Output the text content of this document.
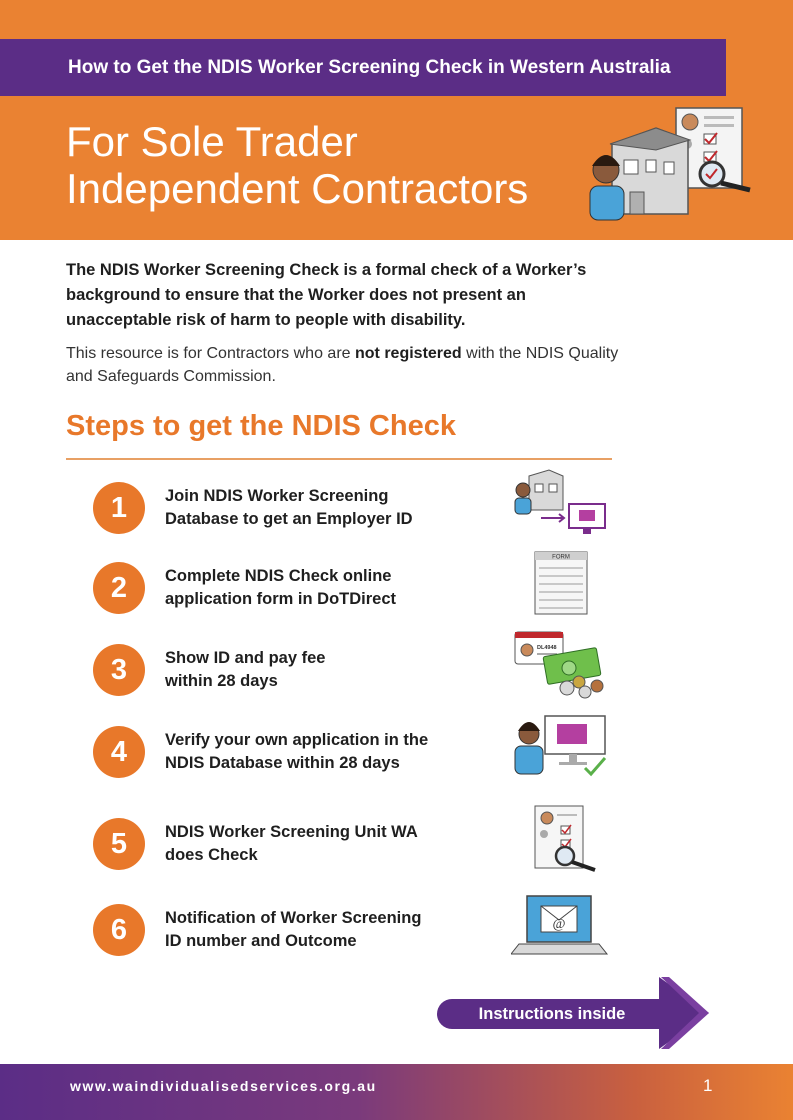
How to Get the NDIS Worker Screening Check in Western Australia
For Sole Trader
Independent Contractors
The NDIS Worker Screening Check is a formal check of a Worker’s background to ensure that the Worker does not present an unacceptable risk of harm to people with disability.
This resource is for Contractors who are not registered with the NDIS Quality and Safeguards Commission.
Steps to get the NDIS Check
1	Join NDIS Worker Screening
Database to get an Employer ID
2	Complete NDIS Check online
application form in DoTDirect
FORM
3	Show ID and pay fee
within 28 days
DL4948
4	Verify your own application in the
NDIS Database within 28 days
5	NDIS Worker Screening Unit WA
does Check
6	Notification of Worker Screening
ID number and Outcome
@
Instructions inside
www.waindividualisedservices.org.au	1
